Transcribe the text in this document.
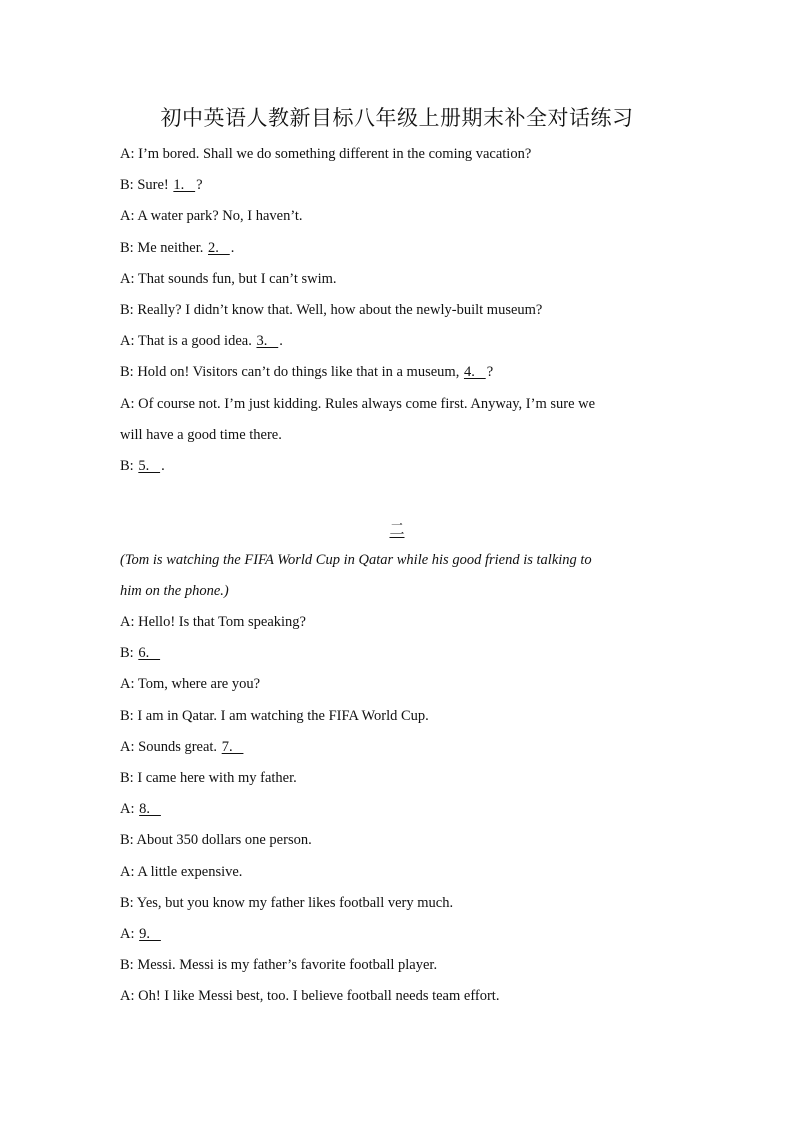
初中英语人教新目标八年级上册期末补全对话练习
A: I’m bored. Shall we do something different in the coming vacation?
B: Sure! 1.   ?
A: A water park? No, I haven’t.
B: Me neither. 2.   .
A: That sounds fun, but I can’t swim.
B: Really? I didn’t know that. Well, how about the newly-built museum?
A: That is a good idea. 3.   .
B: Hold on! Visitors can’t do things like that in a museum, 4.   ?
A: Of course not. I’m just kidding. Rules always come first. Anyway, I’m sure we
will have a good time there.
B: 5.   .
二
(Tom is watching the FIFA World Cup in Qatar while his good friend is talking to
him on the phone.)
A: Hello! Is that Tom speaking?
B: 6.
A: Tom, where are you?
B: I am in Qatar. I am watching the FIFA World Cup.
A: Sounds great. 7.
B: I came here with my father.
A: 8.
B: About 350 dollars one person.
A: A little expensive.
B: Yes, but you know my father likes football very much.
A: 9.
B: Messi. Messi is my father’s favorite football player.
A: Oh! I like Messi best, too. I believe football needs team effort.
